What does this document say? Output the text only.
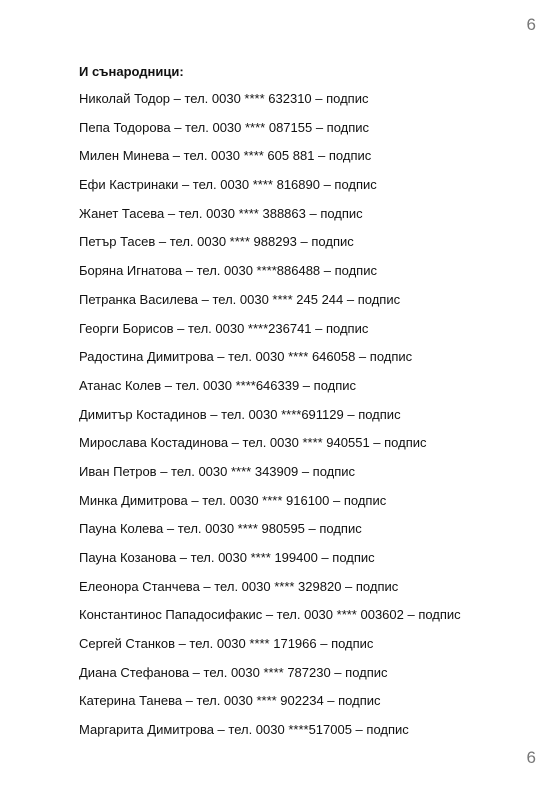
6
И сънародници:
Николай Тодор – тел. 0030 **** 632310 – подпис
Пепа Тодорова – тел. 0030 **** 087155 – подпис
Милен Минева – тел. 0030 **** 605 881 – подпис
Ефи Кастринаки – тел. 0030 **** 816890 – подпис
Жанет Тасева – тел. 0030 **** 388863 – подпис
Петър Тасев – тел. 0030 **** 988293 – подпис
Боряна Игнатова – тел. 0030 ****886488 – подпис
Петранка Василева – тел. 0030 **** 245 244 – подпис
Георги Борисов – тел. 0030 ****236741 – подпис
Радостина Димитрова – тел. 0030 **** 646058 – подпис
Атанас Колев – тел. 0030 ****646339 – подпис
Димитър Костадинов – тел. 0030 ****691129 – подпис
Мирослава Костадинова – тел. 0030 **** 940551 – подпис
Иван Петров – тел. 0030 **** 343909 – подпис
Минка Димитрова – тел. 0030 **** 916100 – подпис
Пауна Колева – тел. 0030 **** 980595 – подпис
Пауна Козанова – тел. 0030 **** 199400 – подпис
Елеонора Станчева – тел. 0030 **** 329820 – подпис
Константинос Пападосифакис – тел. 0030 **** 003602 – подпис
Сергей Станков – тел. 0030 **** 171966 – подпис
Диана Стефанова – тел. 0030 **** 787230 – подпис
Катерина Танева – тел. 0030 **** 902234 – подпис
Маргарита Димитрова – тел. 0030 ****517005 – подпис
6
